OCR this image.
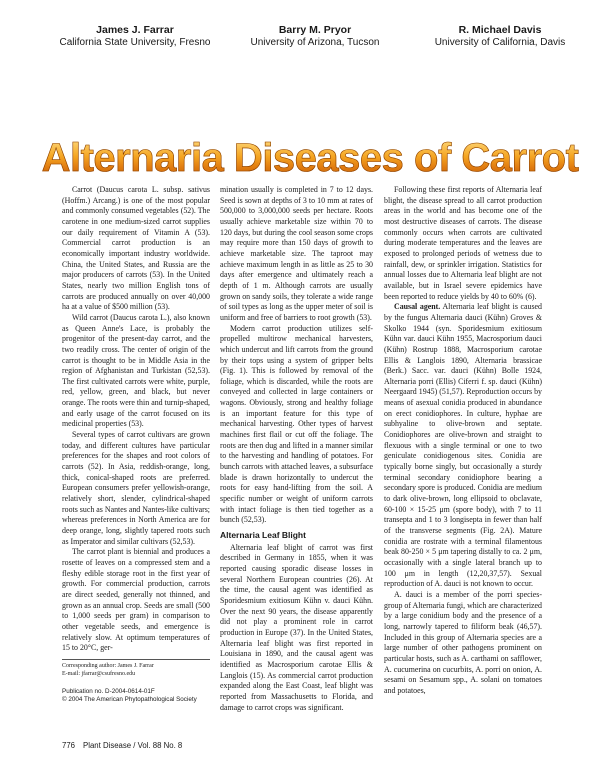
James J. Farrar
California State University, Fresno
Barry M. Pryor
University of Arizona, Tucson
R. Michael Davis
University of California, Davis
Alternaria Diseases of Carrot

Carrot (Daucus carota L. subsp. sativus (Hoffm.) Arcang.) is one of the most popular and commonly consumed vegetables (52). The carotene in one medium-sized carrot supplies our daily requirement of Vitamin A (53). Commercial carrot production is an economically important industry worldwide. China, the United States, and Russia are the major producers of carrots (53). In the United States, nearly two million English tons of carrots are produced annually on over 40,000 ha at a value of $500 million (53).

Wild carrot (Daucus carota L.), also known as Queen Anne's Lace, is probably the progenitor of the present-day carrot, and the two readily cross. The center of origin of the carrot is thought to be in Middle Asia in the region of Afghanistan and Turkistan (52,53). The first cultivated carrots were white, purple, red, yellow, green, and black, but never orange. The roots were thin and turnip-shaped, and early usage of the carrot focused on its medicinal properties (53).

Several types of carrot cultivars are grown today, and different cultures have particular preferences for the shapes and root colors of carrots (52). In Asia, reddish-orange, long, thick, conical-shaped roots are preferred. European consumers prefer yellowish-orange, relatively short, slender, cylindrical-shaped roots such as Nantes and Nantes-like cultivars; whereas preferences in North America are for deep orange, long, slightly tapered roots such as Imperator and similar cultivars (52,53).

The carrot plant is biennial and produces a rosette of leaves on a compressed stem and a fleshy edible storage root in the first year of growth. For commercial production, carrots are direct seeded, generally not thinned, and grown as an annual crop. Seeds are small (500 to 1,000 seeds per gram) in comparison to other vegetable seeds, and emergence is relatively slow. At optimum temperatures of 15 to 20°C, ger-

Corresponding author: James J. Farrar
E-mail: jfarrar@csufresno.edu
Publication no. D-2004-0614-01F
© 2004 The American Phytopathological Society
776 Plant Disease / Vol. 88 No. 8

mination usually is completed in 7 to 12 days. Seed is sown at depths of 3 to 10 mm at rates of 500,000 to 3,000,000 seeds per hectare. Roots usually achieve marketable size within 70 to 120 days, but during the cool season some crops may require more than 150 days of growth to achieve marketable size. The taproot may achieve maximum length in as little as 25 to 30 days after emergence and ultimately reach a depth of 1 m. Although carrots are usually grown on sandy soils, they tolerate a wide range of soil types as long as the upper meter of soil is uniform and free of barriers to root growth (53).

Modern carrot production utilizes self-propelled multirow mechanical harvesters, which undercut and lift carrots from the ground by their tops using a system of gripper belts (Fig. 1). This is followed by removal of the foliage, which is discarded, while the roots are conveyed and collected in large containers or wagons. Obviously, strong and healthy foliage is an important feature for this type of mechanical harvesting. Other types of harvest machines first flail or cut off the foliage. The roots are then dug and lifted in a manner similar to the harvesting and handling of potatoes. For bunch carrots with attached leaves, a subsurface blade is drawn horizontally to undercut the roots for easy hand-lifting from the soil. A specific number or weight of uniform carrots with intact foliage is then tied together as a bunch (52,53).

Alternaria Leaf Blight

Alternaria leaf blight of carrot was first described in Germany in 1855, when it was reported causing sporadic disease losses in several Northern European countries (26). At the time, the causal agent was identified as Sporidesmium exitiosum Kühn v. dauci Kühn. Over the next 90 years, the disease apparently did not play a prominent role in carrot production in Europe (37). In the United States, Alternaria leaf blight was first reported in Louisiana in 1890, and the causal agent was identified as Macrosporium carotae Ellis & Langlois (15). As commercial carrot production expanded along the East Coast, leaf blight was reported from Massachusetts to Florida, and damage to carrot crops was significant.

Following these first reports of Alternaria leaf blight, the disease spread to all carrot production areas in the world and has become one of the most destructive diseases of carrots. The disease commonly occurs when carrots are cultivated during moderate temperatures and the leaves are exposed to prolonged periods of wetness due to rainfall, dew, or sprinkler irrigation. Statistics for annual losses due to Alternaria leaf blight are not available, but in Israel severe epidemics have been reported to reduce yields by 40 to 60% (6).

Causal agent. Alternaria leaf blight is caused by the fungus Alternaria dauci (Kühn) Groves & Skolko 1944 (syn. Sporidesmium exitiosum Kühn var. dauci Kühn 1955, Macrosporium dauci (Kühn) Rostrup 1888, Macrosporium carotae Ellis & Langlois 1890, Alternaria brassicae (Berk.) Sacc. var. dauci (Kühn) Bolle 1924, Alternaria porri (Ellis) Ciferri f. sp. dauci (Kühn) Neergaard 1945) (51,57). Reproduction occurs by means of asexual conidia produced in abundance on erect conidiophores. In culture, hyphae are subhyaline to olive-brown and septate. Conidiophores are olive-brown and straight to flexuous with a single terminal or one to two geniculate conidiogenous sites. Conidia are typically borne singly, but occasionally a sturdy terminal secondary conidiophore bearing a secondary spore is produced. Conidia are medium to dark olive-brown, long ellipsoid to obclavate, 60-100 × 15-25 μm (spore body), with 7 to 11 transepta and 1 to 3 longisepta in fewer than half of the transverse segments (Fig. 2A). Mature conidia are rostrate with a terminal filamentous beak 80-250 × 5 μm tapering distally to ca. 2 μm, occasionally with a single lateral branch up to 100 μm in length (12,20,37,57). Sexual reproduction of A. dauci is not known to occur.

A. dauci is a member of the porri species-group of Alternaria fungi, which are characterized by a large conidium body and the presence of a long, narrowly tapered to filiform beak (46,57). Included in this group of Alternaria species are a large number of other pathogens prominent on particular hosts, such as A. carthami on safflower, A. cucumerina on cucurbits, A. porri on onion, A. sesami on Sesamum spp., A. solani on tomatoes and potatoes,
